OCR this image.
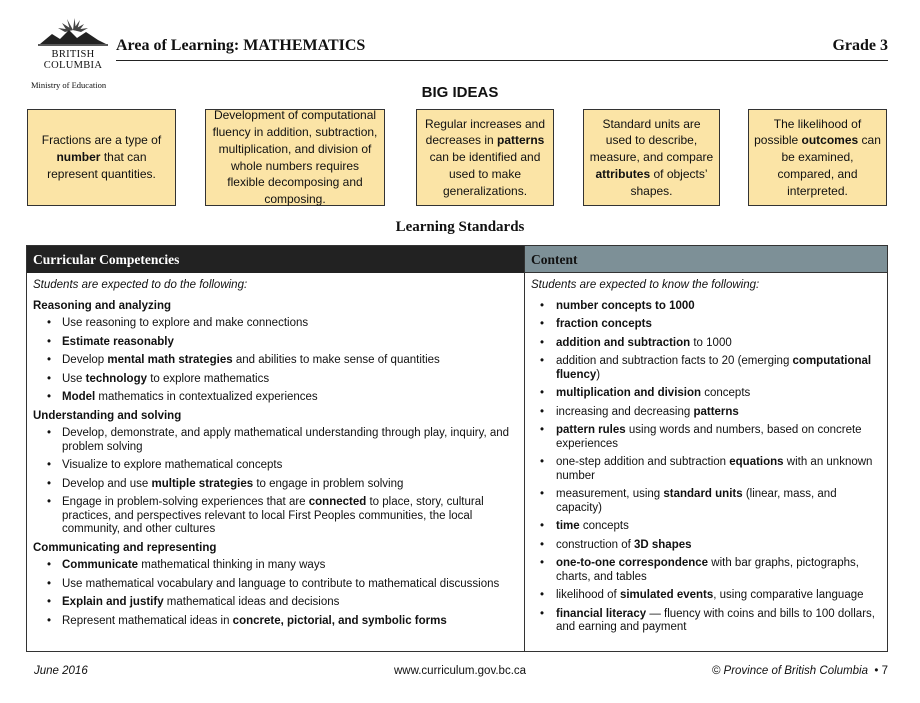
BRITISH
COLUMBIA
Ministry of Education
Area of Learning: MATHEMATICS	Grade 3
BIG IDEAS
Fractions are a type of number that can represent quantities.
Development of computational fluency in addition, subtraction, multiplication, and division of whole numbers requires flexible decomposing and composing.
Regular increases and decreases in patterns can be identified and used to make generalizations.
Standard units are used to describe, measure, and compare attributes of objects’ shapes.
The likelihood of possible outcomes can be examined, compared, and interpreted.
Learning Standards
Curricular Competencies	Content
Students are expected to do the following:
Reasoning and analyzing
• Use reasoning to explore and make connections
• Estimate reasonably
• Develop mental math strategies and abilities to make sense of quantities
• Use technology to explore mathematics
• Model mathematics in contextualized experiences
Understanding and solving
• Develop, demonstrate, and apply mathematical understanding through play, inquiry, and problem solving
• Visualize to explore mathematical concepts
• Develop and use multiple strategies to engage in problem solving
• Engage in problem-solving experiences that are connected to place, story, cultural practices, and perspectives relevant to local First Peoples communities, the local community, and other cultures
Communicating and representing
• Communicate mathematical thinking in many ways
• Use mathematical vocabulary and language to contribute to mathematical discussions
• Explain and justify mathematical ideas and decisions
• Represent mathematical ideas in concrete, pictorial, and symbolic forms
Students are expected to know the following:
• number concepts to 1000
• fraction concepts
• addition and subtraction to 1000
• addition and subtraction facts to 20 (emerging computational fluency)
• multiplication and division concepts
• increasing and decreasing patterns
• pattern rules using words and numbers, based on concrete experiences
• one-step addition and subtraction equations with an unknown number
• measurement, using standard units (linear, mass, and capacity)
• time concepts
• construction of 3D shapes
• one-to-one correspondence with bar graphs, pictographs, charts, and tables
• likelihood of simulated events, using comparative language
• financial literacy — fluency with coins and bills to 100 dollars, and earning and payment
June 2016	www.curriculum.gov.bc.ca	© Province of British Columbia • 7
